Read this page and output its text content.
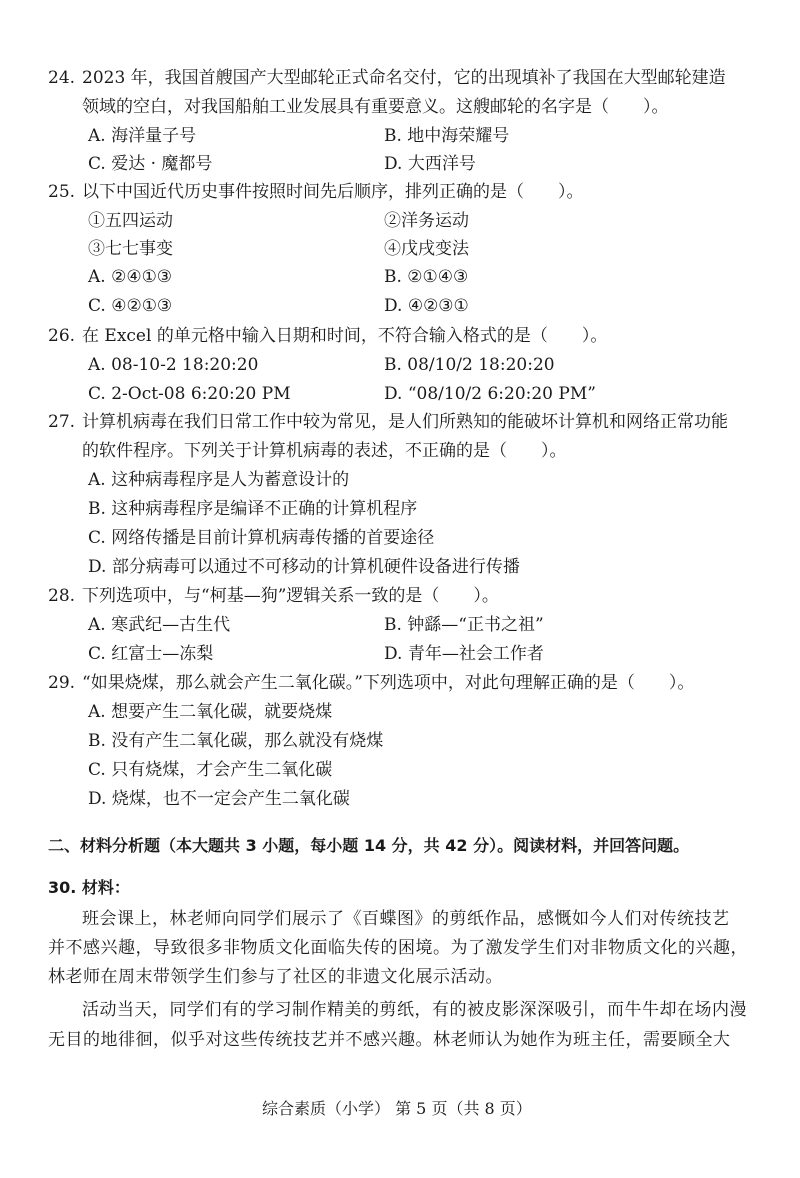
24. 2023 年，我国首艘国产大型邮轮正式命名交付，它的出现填补了我国在大型邮轮建造
领域的空白，对我国船舶工业发展具有重要意义。这艘邮轮的名字是（　　）。
A. 海洋量子号	B. 地中海荣耀号
C. 爱达 · 魔都号	D. 大西洋号
25. 以下中国近代历史事件按照时间先后顺序，排列正确的是（　　）。
①五四运动	②洋务运动
③七七事变	④戊戌变法
A. ②④①③	B. ②①④③
C. ④②①③	D. ④②③①
26. 在 Excel 的单元格中输入日期和时间，不符合输入格式的是（　　）。
A. 08-10-2 18:20:20	B. 08/10/2 18:20:20
C. 2-Oct-08 6:20:20 PM	D. “08/10/2 6:20:20 PM”
27. 计算机病毒在我们日常工作中较为常见，是人们所熟知的能破坏计算机和网络正常功能
的软件程序。下列关于计算机病毒的表述，不正确的是（　　）。
A. 这种病毒程序是人为蓄意设计的
B. 这种病毒程序是编译不正确的计算机程序
C. 网络传播是目前计算机病毒传播的首要途径
D. 部分病毒可以通过不可移动的计算机硬件设备进行传播
28. 下列选项中，与“柯基—狗”逻辑关系一致的是（　　）。
A. 寒武纪—古生代	B. 钟繇—“正书之祖”
C. 红富士—冻梨	D. 青年—社会工作者
29. “如果烧煤，那么就会产生二氧化碳。”下列选项中，对此句理解正确的是（　　）。
A. 想要产生二氧化碳，就要烧煤
B. 没有产生二氧化碳，那么就没有烧煤
C. 只有烧煤，才会产生二氧化碳
D. 烧煤，也不一定会产生二氧化碳
二、材料分析题（本大题共 3 小题，每小题 14 分，共 42 分）。阅读材料，并回答问题。
30. 材料：
班会课上，林老师向同学们展示了《百蝶图》的剪纸作品，感慨如今人们对传统技艺
并不感兴趣，导致很多非物质文化面临失传的困境。为了激发学生们对非物质文化的兴趣，
林老师在周末带领学生们参与了社区的非遗文化展示活动。
活动当天，同学们有的学习制作精美的剪纸，有的被皮影深深吸引，而牛牛却在场内漫
无目的地徘徊，似乎对这些传统技艺并不感兴趣。林老师认为她作为班主任，需要顾全大
综合素质（小学） 第 5 页（共 8 页）
